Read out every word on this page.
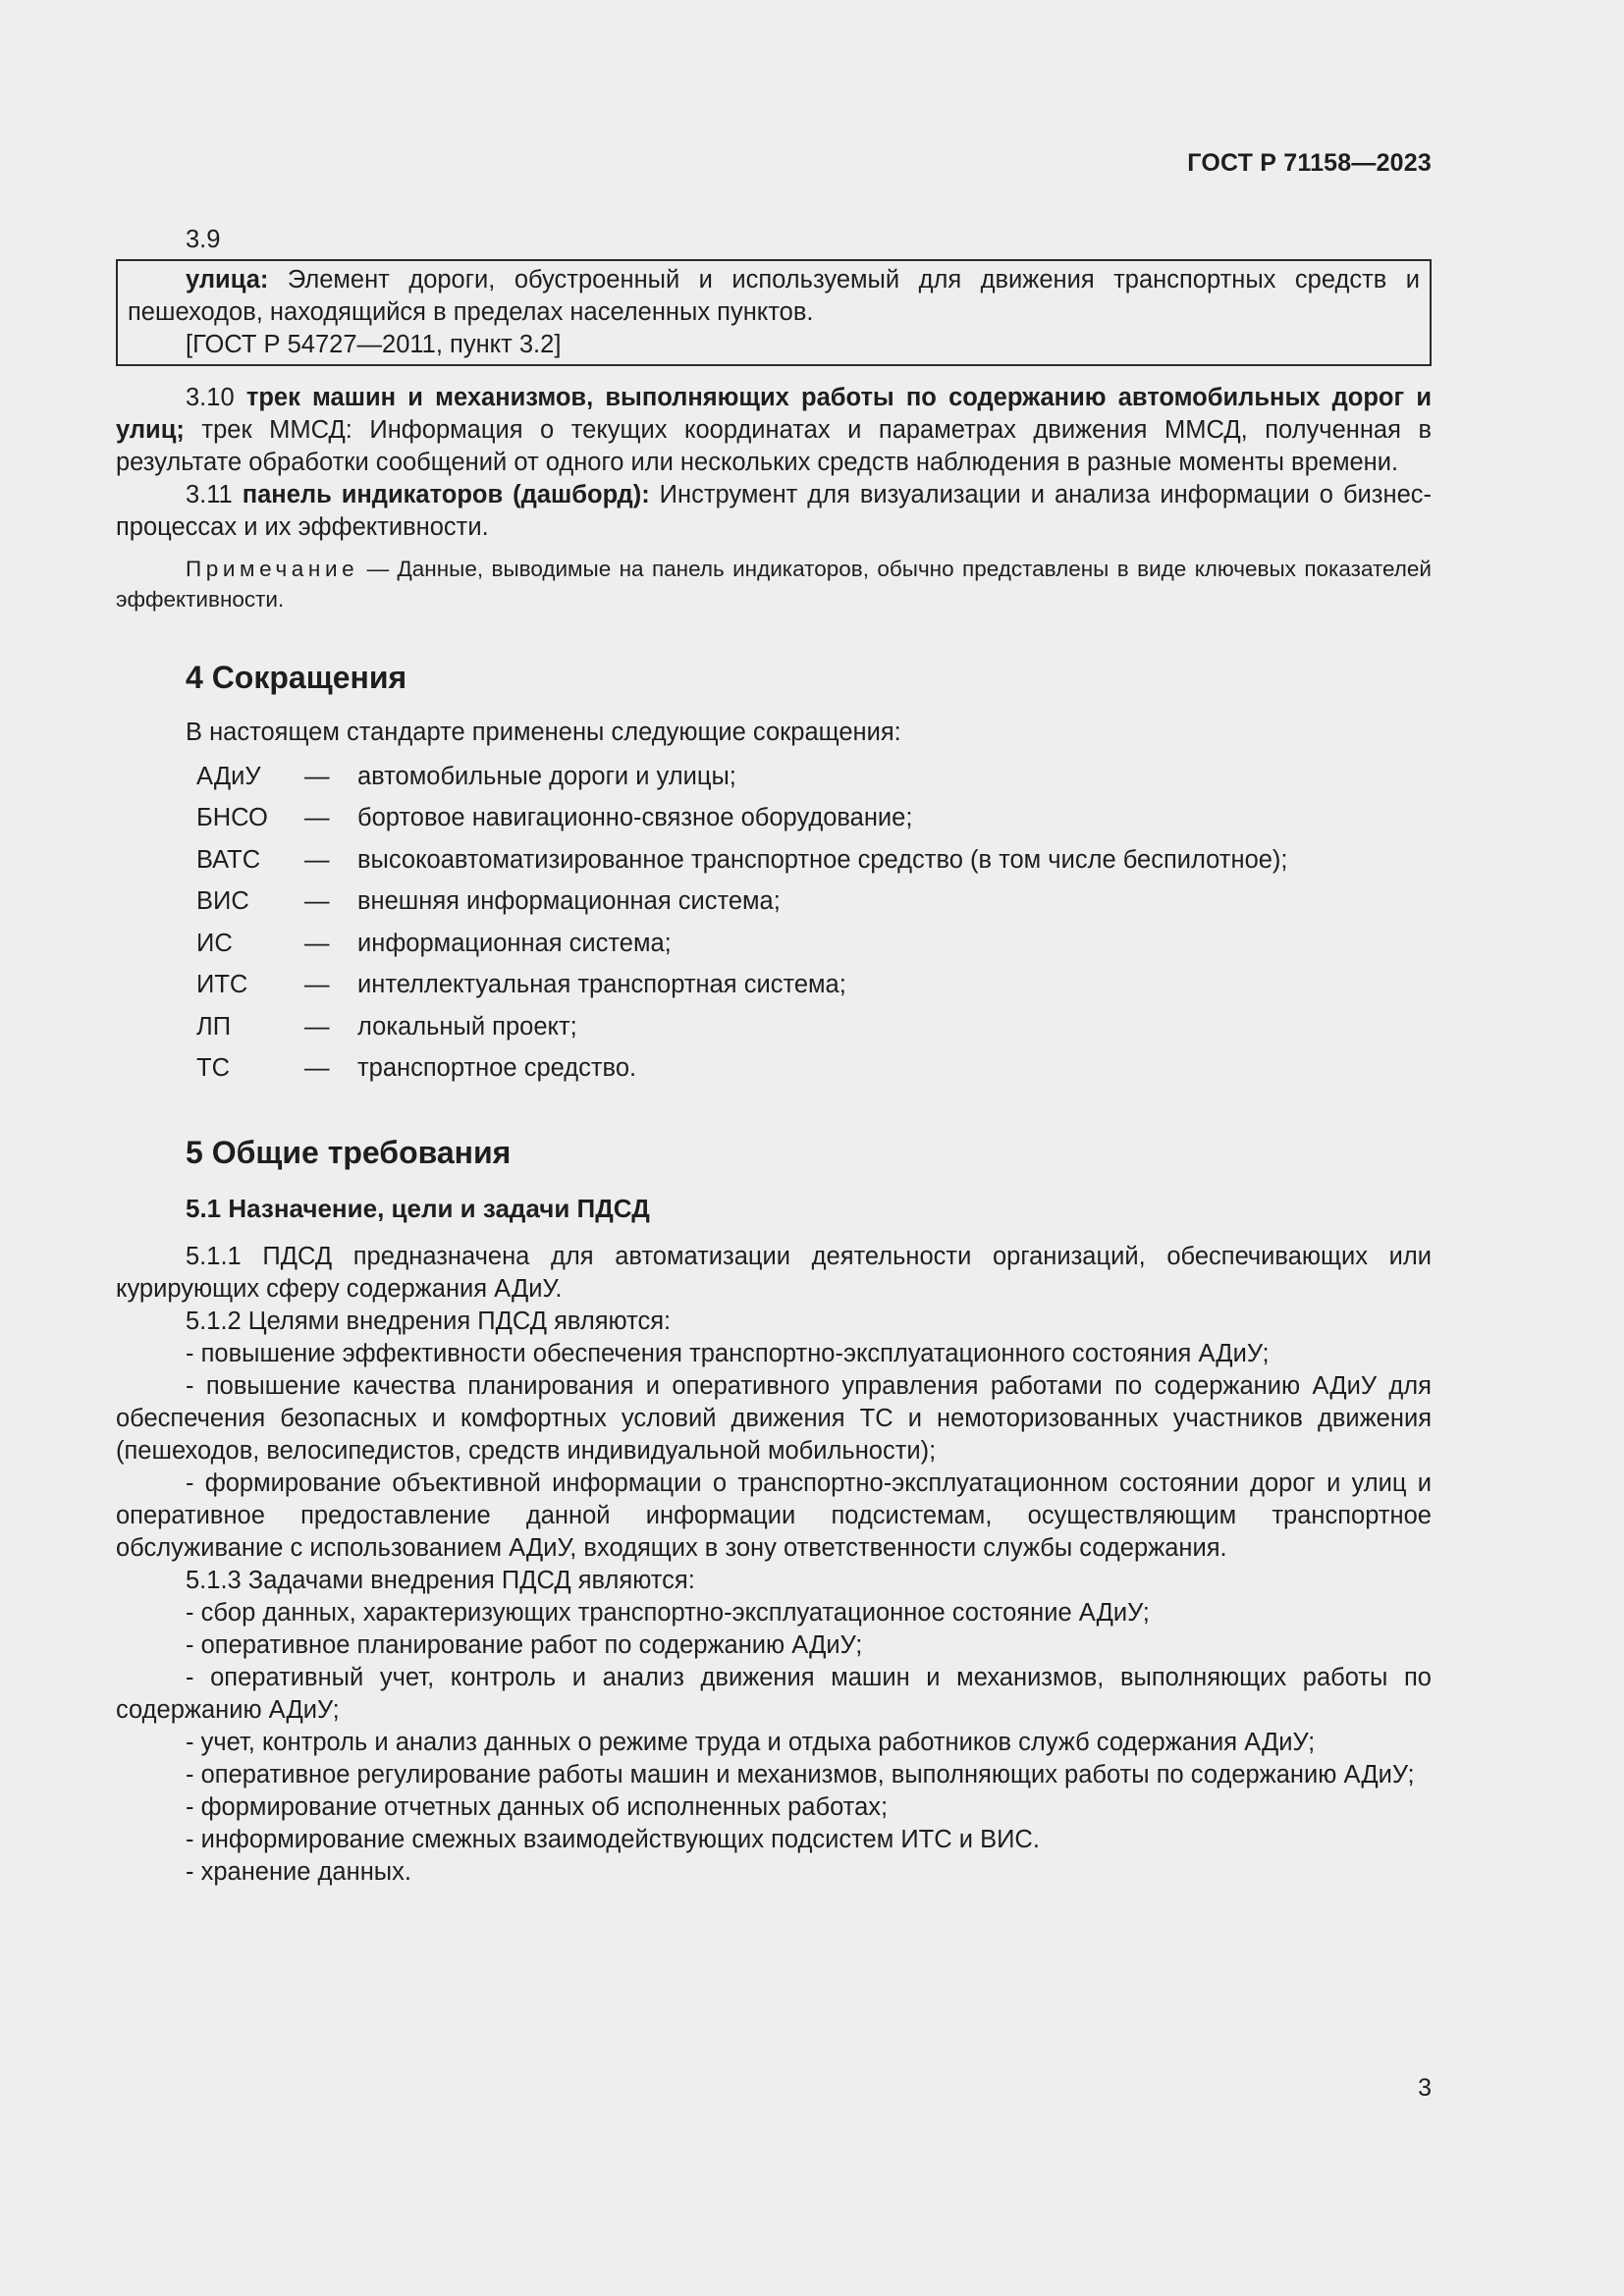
ГОСТ Р 71158—2023
3.9

улица: Элемент дороги, обустроенный и используемый для движения транспортных средств и пешеходов, находящийся в пределах населенных пунктов.

[ГОСТ Р 54727—2011, пункт 3.2]

3.10 трек машин и механизмов, выполняющих работы по содержанию автомобильных дорог и улиц; трек ММСД: Информация о текущих координатах и параметрах движения ММСД, полученная в результате обработки сообщений от одного или нескольких средств наблюдения в разные моменты времени.

3.11 панель индикаторов (дашборд): Инструмент для визуализации и анализа информации о бизнес-процессах и их эффективности.

Примечание — Данные, выводимые на панель индикаторов, обычно представлены в виде ключевых показателей эффективности.

4 Сокращения

В настоящем стандарте применены следующие сокращения:

АДиУ	—	автомобильные дороги и улицы;
БНСО	—	бортовое навигационно-связное оборудование;
ВАТС	—	высокоавтоматизированное транспортное средство (в том числе беспилотное);
ВИС	—	внешняя информационная система;
ИС	—	информационная система;
ИТС	—	интеллектуальная транспортная система;
ЛП	—	локальный проект;
ТС	—	транспортное средство.
5 Общие требования
5.1 Назначение, цели и задачи ПДСД

5.1.1 ПДСД предназначена для автоматизации деятельности организаций, обеспечивающих или курирующих сферу содержания АДиУ.

5.1.2 Целями внедрения ПДСД являются:

- повышение эффективности обеспечения транспортно-эксплуатационного состояния АДиУ;

- повышение качества планирования и оперативного управления работами по содержанию АДиУ для обеспечения безопасных и комфортных условий движения ТС и немоторизованных участников движения (пешеходов, велосипедистов, средств индивидуальной мобильности);

- формирование объективной информации о транспортно-эксплуатационном состоянии дорог и улиц и оперативное предоставление данной информации подсистемам, осуществляющим транспортное обслуживание с использованием АДиУ, входящих в зону ответственности службы содержания.

5.1.3 Задачами внедрения ПДСД являются:

- сбор данных, характеризующих транспортно-эксплуатационное состояние АДиУ;

- оперативное планирование работ по содержанию АДиУ;

- оперативный учет, контроль и анализ движения машин и механизмов, выполняющих работы по содержанию АДиУ;

- учет, контроль и анализ данных о режиме труда и отдыха работников служб содержания АДиУ;

- оперативное регулирование работы машин и механизмов, выполняющих работы по содержанию АДиУ;

- формирование отчетных данных об исполненных работах;

- информирование смежных взаимодействующих подсистем ИТС и ВИС.

- хранение данных.

3
